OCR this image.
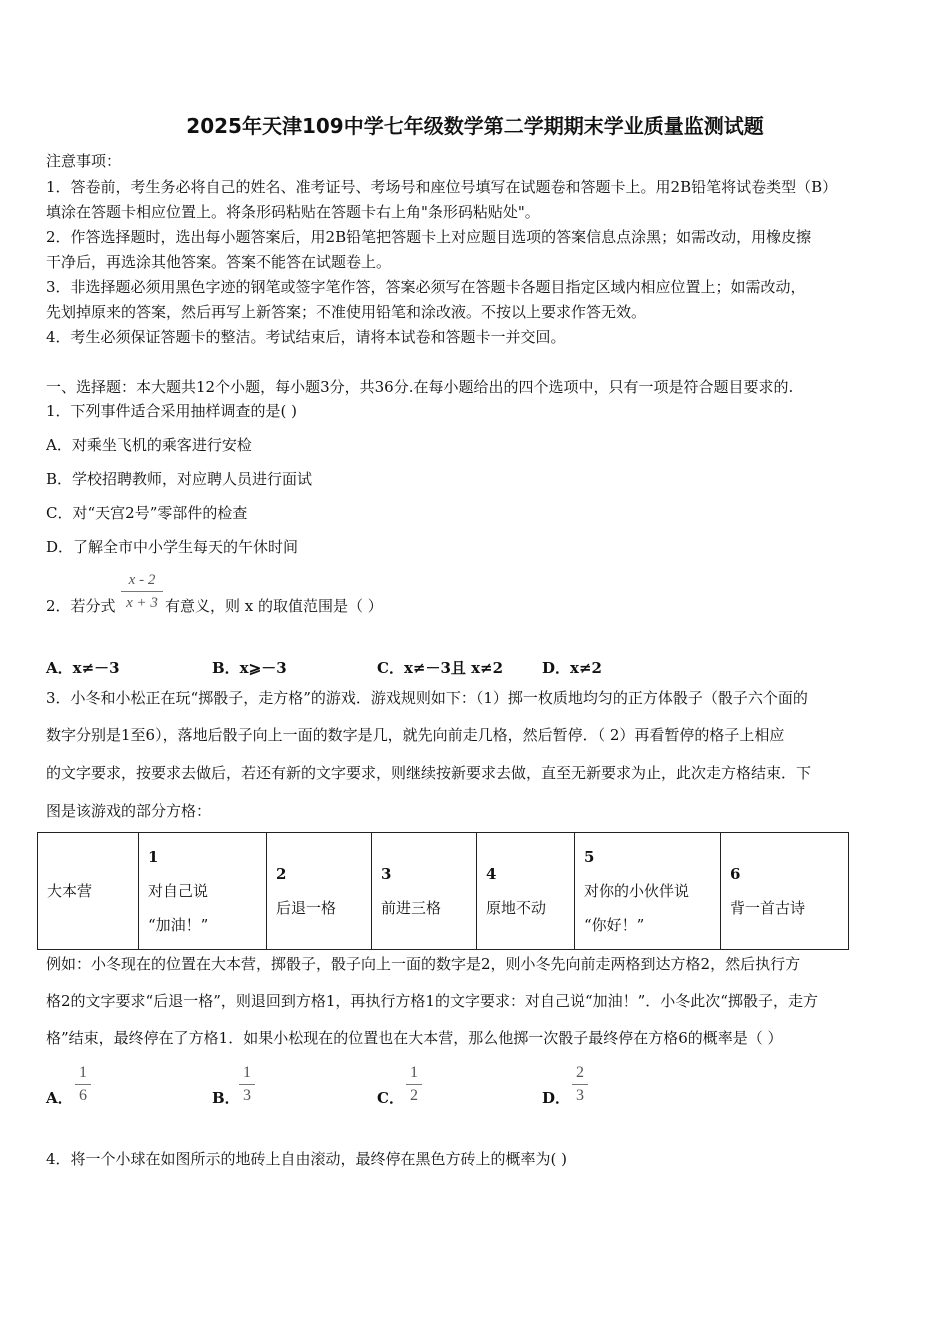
2025年天津109中学七年级数学第二学期期末学业质量监测试题
注意事项：
1．答卷前，考生务必将自己的姓名、准考证号、考场号和座位号填写在试题卷和答题卡上。用2B铅笔将试卷类型（B）
填涂在答题卡相应位置上。将条形码粘贴在答题卡右上角"条形码粘贴处"。
2．作答选择题时，选出每小题答案后，用2B铅笔把答题卡上对应题目选项的答案信息点涂黑；如需改动，用橡皮擦
干净后，再选涂其他答案。答案不能答在试题卷上。
3．非选择题必须用黑色字迹的钢笔或签字笔作答，答案必须写在答题卡各题目指定区域内相应位置上；如需改动，
先划掉原来的答案，然后再写上新答案；不准使用铅笔和涂改液。不按以上要求作答无效。
4．考生必须保证答题卡的整洁。考试结束后，请将本试卷和答题卡一并交回。
一、选择题：本大题共12个小题，每小题3分，共36分.在每小题给出的四个选项中，只有一项是符合题目要求的.
1．下列事件适合采用抽样调查的是( )
A．对乘坐飞机的乘客进行安检
B．学校招聘教师，对应聘人员进行面试
C．对“天宫2号”零部件的检查
D．了解全市中小学生每天的午休时间
2．若分式
x - 2
x + 3 有意义，则 x 的取值范围是（ ）
A．x≠－3	B．x⩾－3	C．x≠－3且 x≠2	D．x≠2
3．小冬和小松正在玩“掷骰子，走方格”的游戏．游戏规则如下：（1）掷一枚质地均匀的正方体骰子（骰子六个面的
数字分别是1至6），落地后骰子向上一面的数字是几，就先向前走几格，然后暂停．（ 2）再看暂停的格子上相应
的文字要求，按要求去做后，若还有新的文字要求，则继续按新要求去做，直至无新要求为止，此次走方格结束．下
图是该游戏的部分方格：
大本营

1
对自己说
“加油！”

2
后退一格

3
前进三格

4
原地不动

5
对你的小伙伴说
“你好！”

6
背一首古诗
例如：小冬现在的位置在大本营，掷骰子，骰子向上一面的数字是2，则小冬先向前走两格到达方格2，然后执行方
格2的文字要求“后退一格”，则退回到方格1，再执行方格1的文字要求：对自己说“加油！”．小冬此次“掷骰子，走方
格”结束，最终停在了方格1．如果小松现在的位置也在大本营，那么他掷一次骰子最终停在方格6的概率是（ ）
A．
1
6	B．
1
3	C．
1
2	D．
2
3
4．将一个小球在如图所示的地砖上自由滚动，最终停在黑色方砖上的概率为( )
